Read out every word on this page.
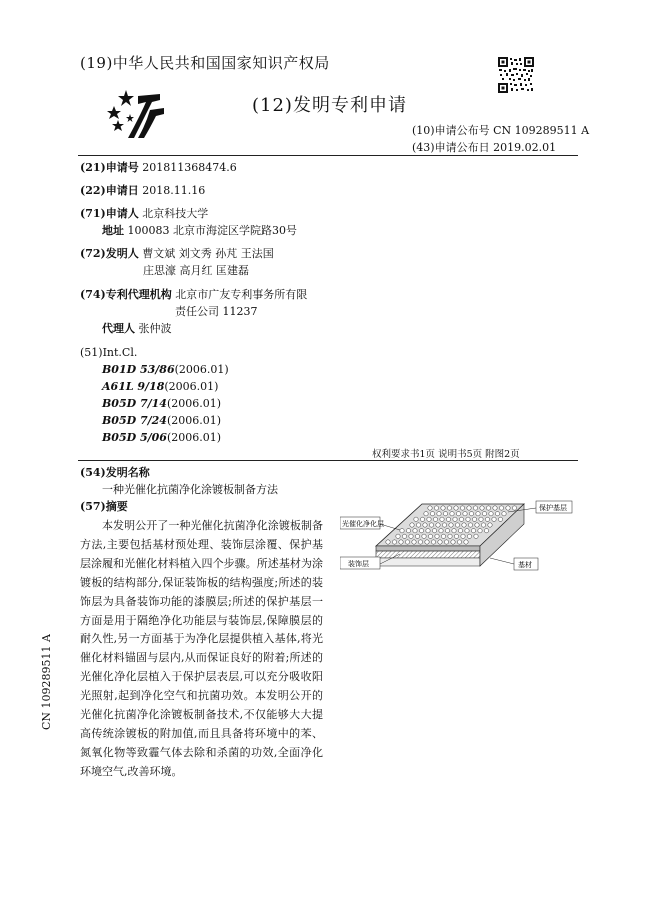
(19)中华人民共和国国家知识产权局
(12)发明专利申请
(10)申请公布号 CN 109289511 A
(43)申请公布日 2019.02.01
(21)申请号 201811368474.6
(22)申请日 2018.11.16
(71)申请人 北京科技大学
地址 100083 北京市海淀区学院路30号
(72)发明人 曹文斌 刘文秀 孙芃 王法国
庄思濠 高月红 匡建磊
(74)专利代理机构 北京市广友专利事务所有限
责任公司 11237
代理人 张仲波
(51)Int.Cl.
B01D 53/86(2006.01)
A61L 9/18(2006.01)
B05D 7/14(2006.01)
B05D 7/24(2006.01)
B05D 5/06(2006.01)
权利要求书1页 说明书5页 附图2页
(54)发明名称
一种光催化抗菌净化涂镀板制备方法
(57)摘要

本发明公开了一种光催化抗菌净化涂镀板制备方法,主要包括基材预处理、装饰层涂覆、保护基层涂履和光催化材料植入四个步骤。所述基材为涂镀板的结构部分,保证装饰板的结构强度;所述的装饰层为具备装饰功能的漆膜层;所述的保护基层一方面是用于隔绝净化功能层与装饰层,保障膜层的耐久性,另一方面基于为净化层提供植入基体,将光催化材料锚固与层内,从而保证良好的附着;所述的光催化净化层植入于保护层表层,可以充分吸收阳光照射,起到净化空气和抗菌功效。本发明公开的光催化抗菌净化涂镀板制备技术,不仅能够大大提高传统涂镀板的附加值,而且具备将环境中的苯、氮氧化物等致霾气体去除和杀菌的功效,全面净化环境空气,改善环境。

保护基层
光催化净化层
装饰层	基材
CN 109289511 A
